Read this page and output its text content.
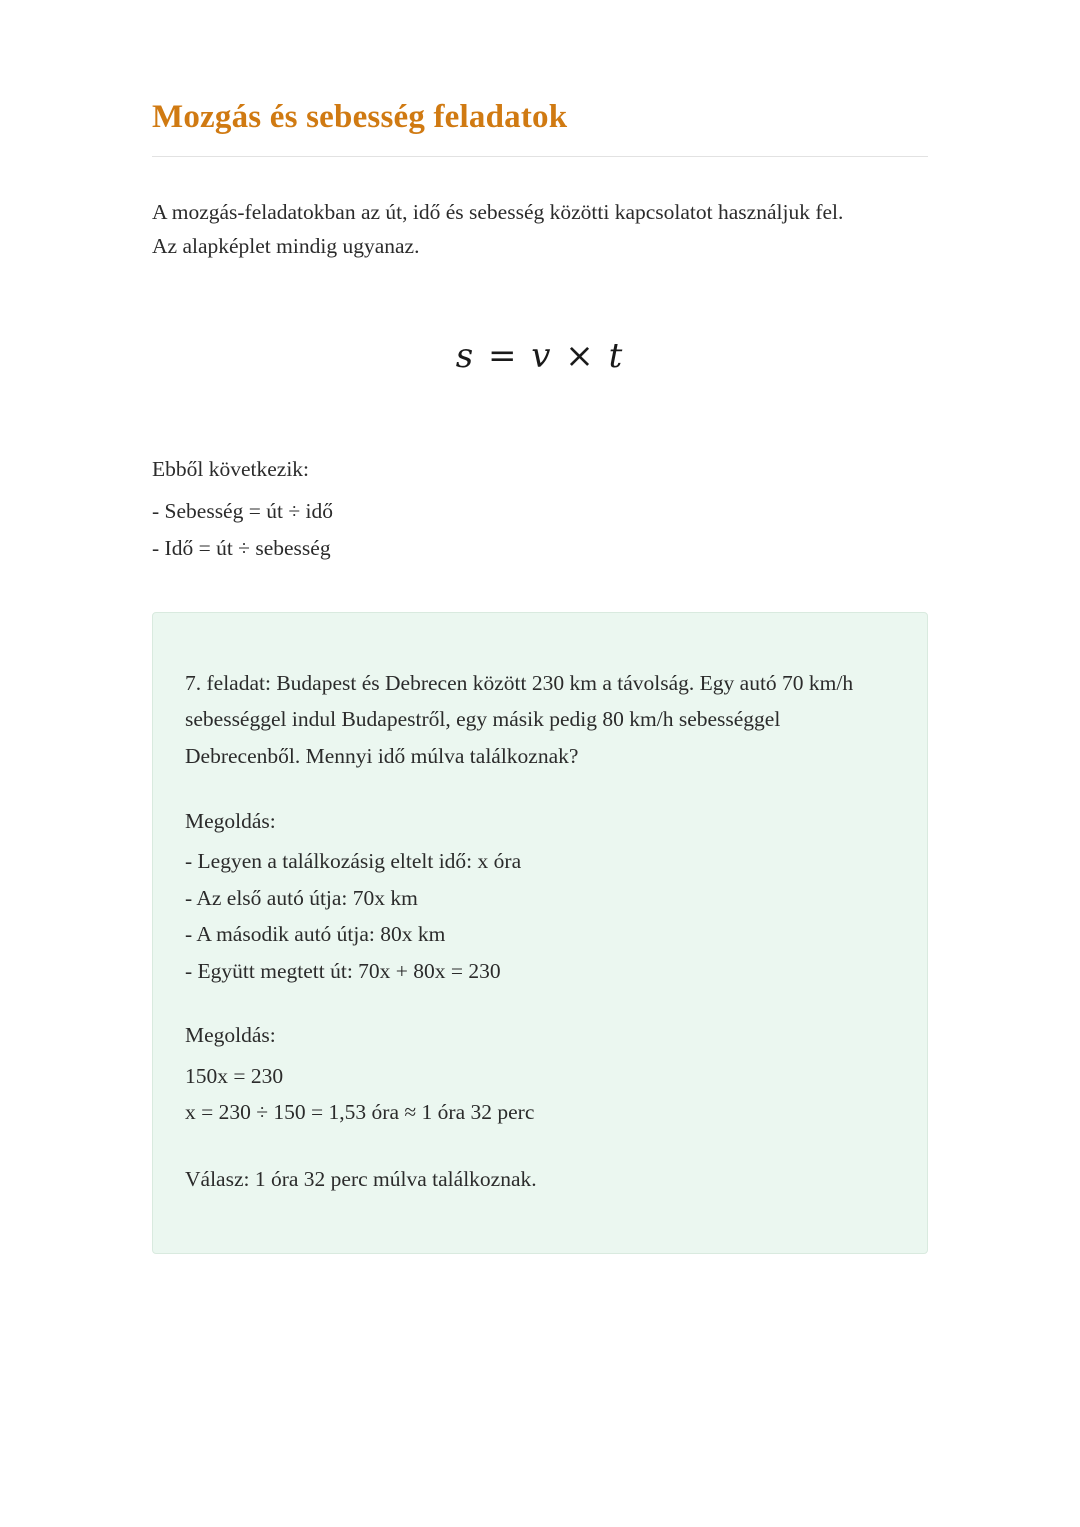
Mozgás és sebesség feladatok

A mozgás-feladatokban az út, idő és sebesség közötti kapcsolatot használjuk fel. Az alapképlet mindig ugyanaz.

s = v × t

Ebből következik:

- Sebesség = út ÷ idő

- Idő = út ÷ sebesség

7. feladat: Budapest és Debrecen között 230 km a távolság. Egy autó 70 km/h sebességgel indul Budapestről, egy másik pedig 80 km/h sebességgel Debrecenből. Mennyi idő múlva találkoznak?

Megoldás:

- Legyen a találkozásig eltelt idő: x óra

- Az első autó útja: 70x km

- A második autó útja: 80x km

- Együtt megtett út: 70x + 80x = 230

Megoldás:

150x = 230

x = 230 ÷ 150 = 1,53 óra ≈ 1 óra 32 perc

Válasz: 1 óra 32 perc múlva találkoznak.
